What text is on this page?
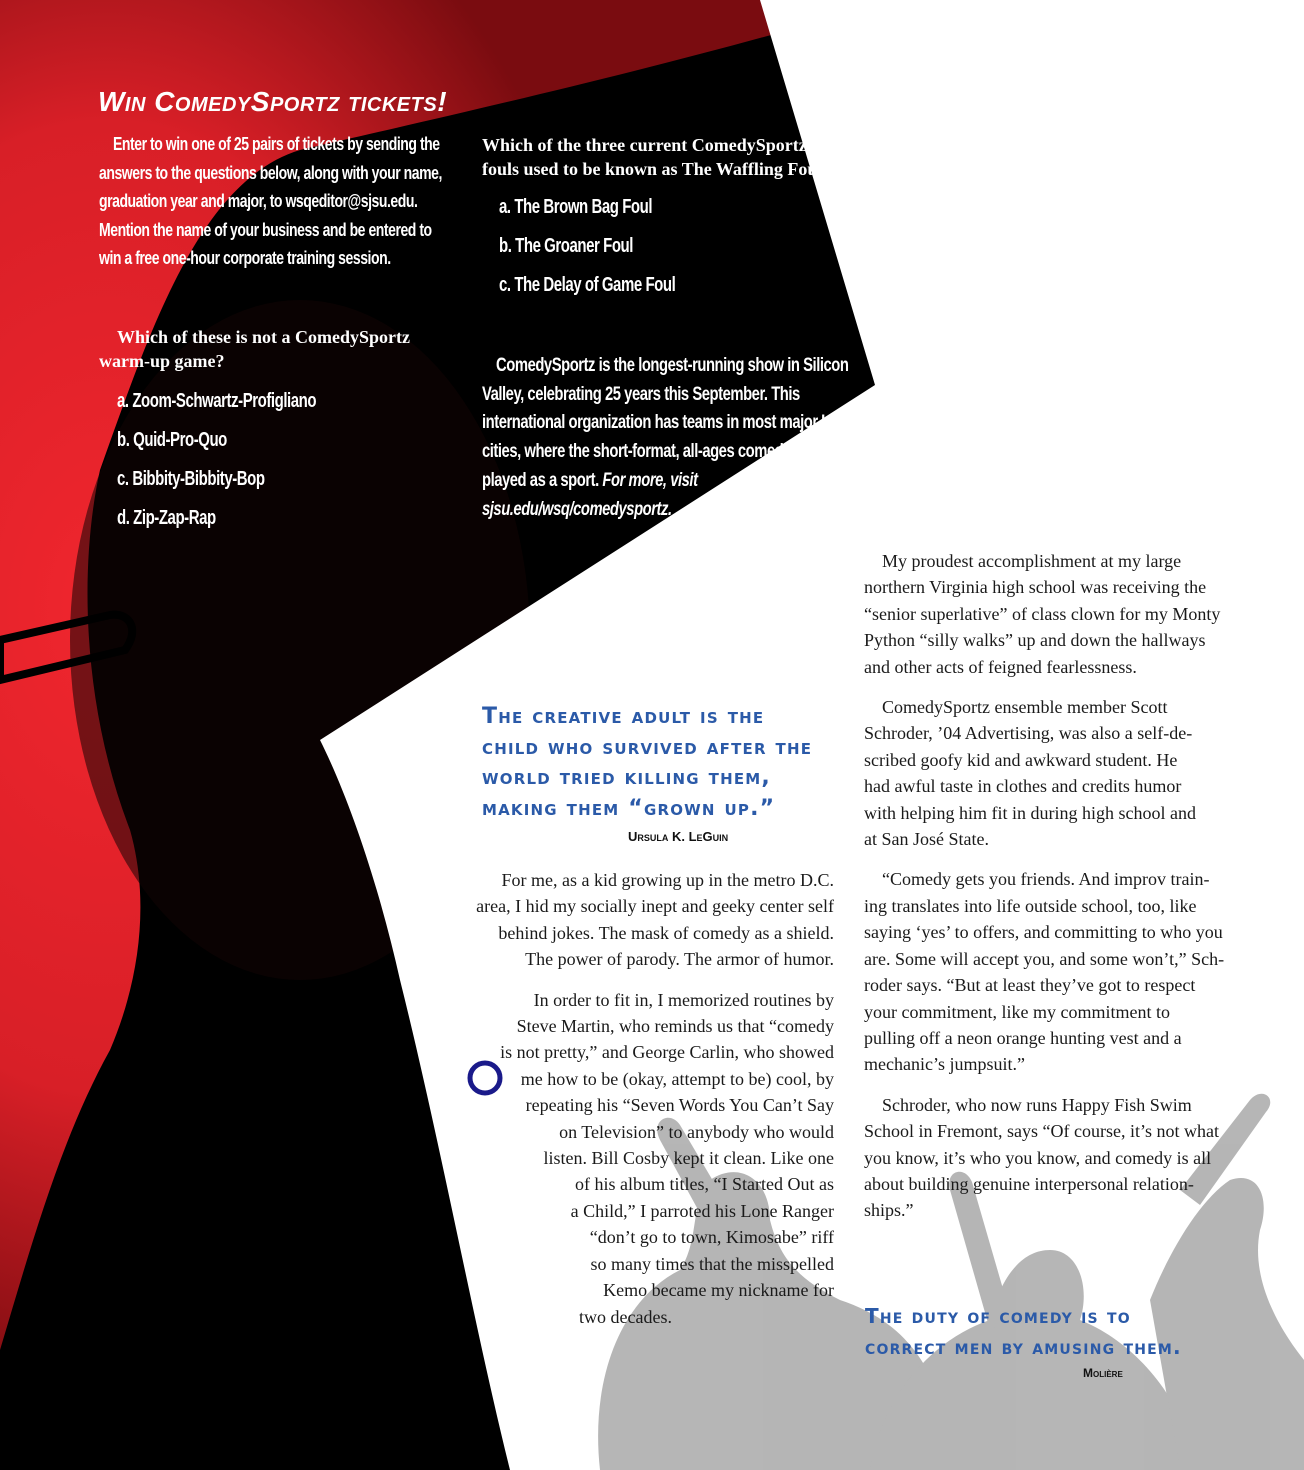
Win ComedySportz tickets!

Enter to win one of 25 pairs of tickets by sending the

answers to the questions below, along with your name,

graduation year and major, to wsqeditor@sjsu.edu.

Mention the name of your business and be entered to

win a free one-hour corporate training session.

Which of these is not a ComedySportz
warm-up game?

a. Zoom-Schwartz-Profigliano

b. Quid-Pro-Quo

c. Bibbity-Bibbity-Bop

d. Zip-Zap-Rap

Which of the three current ComedySportz
fouls used to be known as The Waffling Foul?

a. The Brown Bag Foul

b. The Groaner Foul

c. The Delay of Game Foul

ComedySportz is the longest-running show in Silicon

Valley, celebrating 25 years this September. This

international organization has teams in most major U.S.

cities, where the short-format, all-ages comedy is

played as a sport. For more, visit

sjsu.edu/wsq/comedysportz.

The creative adult is the
child who survived after the
world tried killing them,
making them “grown up.”
Ursula K. LeGuin
For me, as a kid growing up in the metro D.C.
area, I hid my socially inept and geeky center self
behind jokes. The mask of comedy as a shield.
The power of parody. The armor of humor.
In order to fit in, I memorized routines by
Steve Martin, who reminds us that “comedy
is not pretty,” and George Carlin, who showed
me how to be (okay, attempt to be) cool, by
repeating his “Seven Words You Can’t Say
on Television” to anybody who would
listen. Bill Cosby kept it clean. Like one
of his album titles, “I Started Out as
a Child,” I parroted his Lone Ranger
“don’t go to town, Kimosabe” riff
so many times that the misspelled
Kemo became my nickname for
two decades.
My proudest accomplishment at my large
northern Virginia high school was receiving the
“senior superlative” of class clown for my Monty
Python “silly walks” up and down the hallways
and other acts of feigned fearlessness.
ComedySportz ensemble member Scott
Schroder, ’04 Advertising, was also a self-de-
scribed goofy kid and awkward student. He
had awful taste in clothes and credits humor
with helping him fit in during high school and
at San José State.
“Comedy gets you friends. And improv train-
ing translates into life outside school, too, like
saying ‘yes’ to offers, and committing to who you
are. Some will accept you, and some won’t,” Sch-
roder says. “But at least they’ve got to respect
your commitment, like my commitment to
pulling off a neon orange hunting vest and a
mechanic’s jumpsuit.”
Schroder, who now runs Happy Fish Swim
School in Fremont, says “Of course, it’s not what
you know, it’s who you know, and comedy is all
about building genuine interpersonal relation-
ships.”
The duty of comedy is to
correct men by amusing them.
Molière
